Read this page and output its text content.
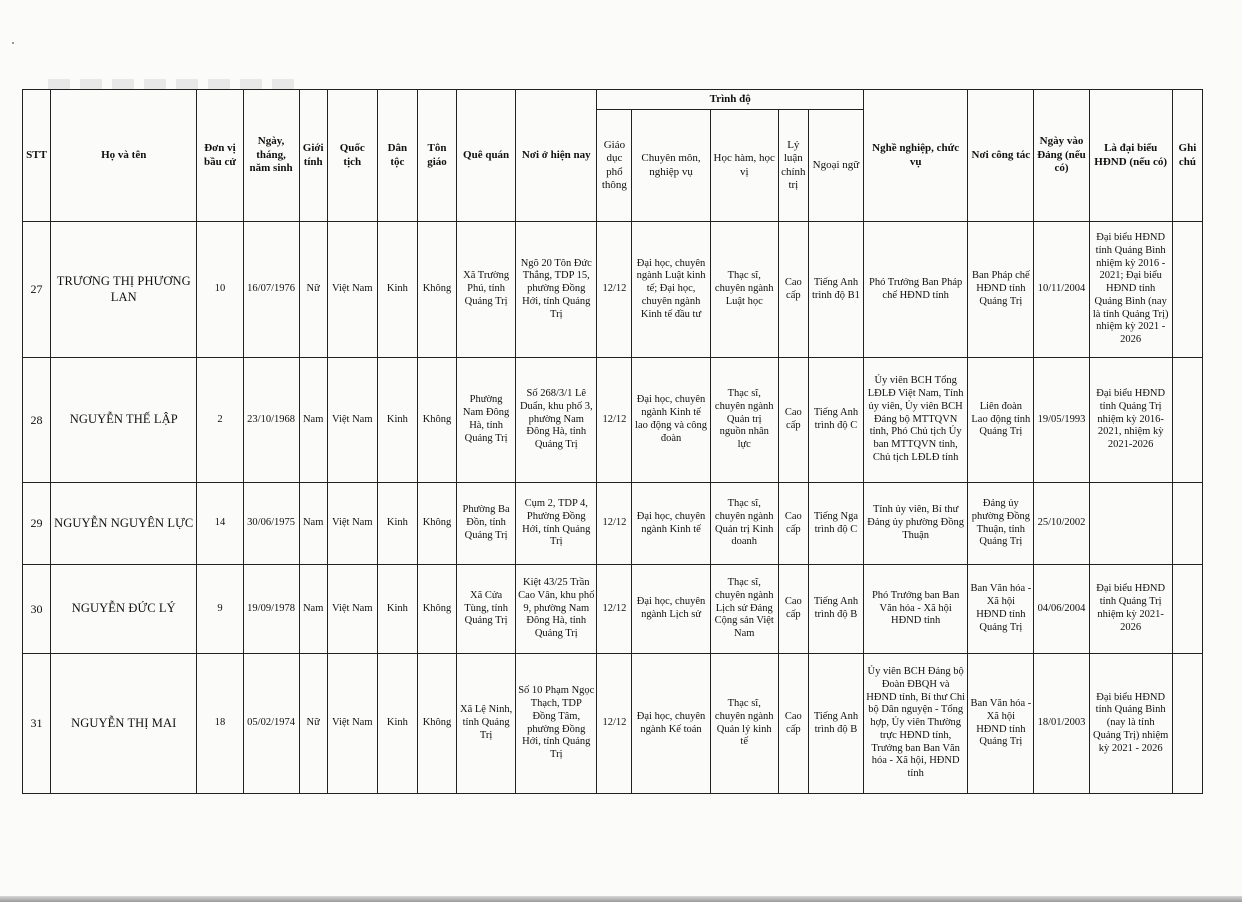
STT	Họ và tên	Đơn vị bầu cử	Ngày, tháng, năm sinh	Giới tính	Quốc tịch	Dân tộc	Tôn giáo	Quê quán	Nơi ở hiện nay	Trình độ					Nghề nghiệp, chức vụ	Nơi công tác	Ngày vào Đảng (nếu có)	Là đại biểu HĐND (nếu có)	Ghi chú
										Giáo dục phổ thông	Chuyên môn, nghiệp vụ	Học hàm, học vị	Lý luận chính trị	Ngoại ngữ					
27	TRƯƠNG THỊ PHƯƠNG LAN	10	16/07/1976	Nữ	Việt Nam	Kinh	Không	Xã Trường Phú, tỉnh Quảng Trị	Ngõ 20 Tôn Đức Thắng, TDP 15, phường Đồng Hới, tỉnh Quảng Trị	12/12	Đại học, chuyên ngành Luật kinh tế; Đại học, chuyên ngành Kinh tế đầu tư	Thạc sĩ, chuyên ngành Luật học	Cao cấp	Tiếng Anh trình độ B1	Phó Trưởng Ban Pháp chế HĐND tỉnh	Ban Pháp chế HĐND tỉnh Quảng Trị	10/11/2004	Đại biểu HĐND tỉnh Quảng Bình nhiệm kỳ 2016 - 2021; Đại biểu HĐND tỉnh Quảng Bình (nay là tỉnh Quảng Trị) nhiệm kỳ 2021 - 2026	
28	NGUYỄN THẾ LẬP	2	23/10/1968	Nam	Việt Nam	Kinh	Không	Phường Nam Đông Hà, tỉnh Quảng Trị	Số 268/3/1 Lê Duẩn, khu phố 3, phường Nam Đông Hà, tỉnh Quảng Trị	12/12	Đại học, chuyên ngành Kinh tế lao động và công đoàn	Thạc sĩ, chuyên ngành Quản trị nguồn nhân lực	Cao cấp	Tiếng Anh trình độ C	Ủy viên BCH Tổng LĐLĐ Việt Nam, Tỉnh ủy viên, Ủy viên BCH Đảng bộ MTTQVN tỉnh, Phó Chủ tịch Ủy ban MTTQVN tỉnh, Chủ tịch LĐLĐ tỉnh	Liên đoàn Lao động tỉnh Quảng Trị	19/05/1993	Đại biểu HĐND tỉnh Quảng Trị nhiệm kỳ 2016-2021, nhiệm kỳ 2021-2026	
29	NGUYỄN NGUYÊN LỰC	14	30/06/1975	Nam	Việt Nam	Kinh	Không	Phường Ba Đồn, tỉnh Quảng Trị	Cụm 2, TDP 4, Phường Đồng Hới, tỉnh Quảng Trị	12/12	Đại học, chuyên ngành Kinh tế	Thạc sĩ, chuyên ngành Quản trị Kinh doanh	Cao cấp	Tiếng Nga trình độ C	Tỉnh ủy viên, Bí thư Đảng ủy phường Đồng Thuận	Đảng ủy phường Đồng Thuận, tỉnh Quảng Trị	25/10/2002		
30	NGUYỄN ĐỨC LÝ	9	19/09/1978	Nam	Việt Nam	Kinh	Không	Xã Cửa Tùng, tỉnh Quảng Trị	Kiệt 43/25 Trần Cao Vân, khu phố 9, phường Nam Đông Hà, tỉnh Quảng Trị	12/12	Đại học, chuyên ngành Lịch sử	Thạc sĩ, chuyên ngành Lịch sử Đảng Cộng sản Việt Nam	Cao cấp	Tiếng Anh trình độ B	Phó Trưởng ban Ban Văn hóa - Xã hội HĐND tỉnh	Ban Văn hóa - Xã hội HĐND tỉnh Quảng Trị	04/06/2004	Đại biểu HĐND tỉnh Quảng Trị nhiệm kỳ 2021-2026	
31	NGUYỄN THỊ MAI	18	05/02/1974	Nữ	Việt Nam	Kinh	Không	Xã Lệ Ninh, tỉnh Quảng Trị	Số 10 Phạm Ngọc Thạch, TDP Đồng Tâm, phường Đồng Hới, tỉnh Quảng Trị	12/12	Đại học, chuyên ngành Kế toán	Thạc sĩ, chuyên ngành Quản lý kinh tế	Cao cấp	Tiếng Anh trình độ B	Ủy viên BCH Đảng bộ Đoàn ĐBQH và HĐND tỉnh, Bí thư Chi bộ Dân nguyện - Tổng hợp, Ủy viên Thường trực HĐND tỉnh, Trưởng ban Ban Văn hóa - Xã hội, HĐND tỉnh	Ban Văn hóa - Xã hội HĐND tỉnh Quảng Trị	18/01/2003	Đại biểu HĐND tỉnh Quảng Bình (nay là tỉnh Quảng Trị) nhiệm kỳ 2021 - 2026	
